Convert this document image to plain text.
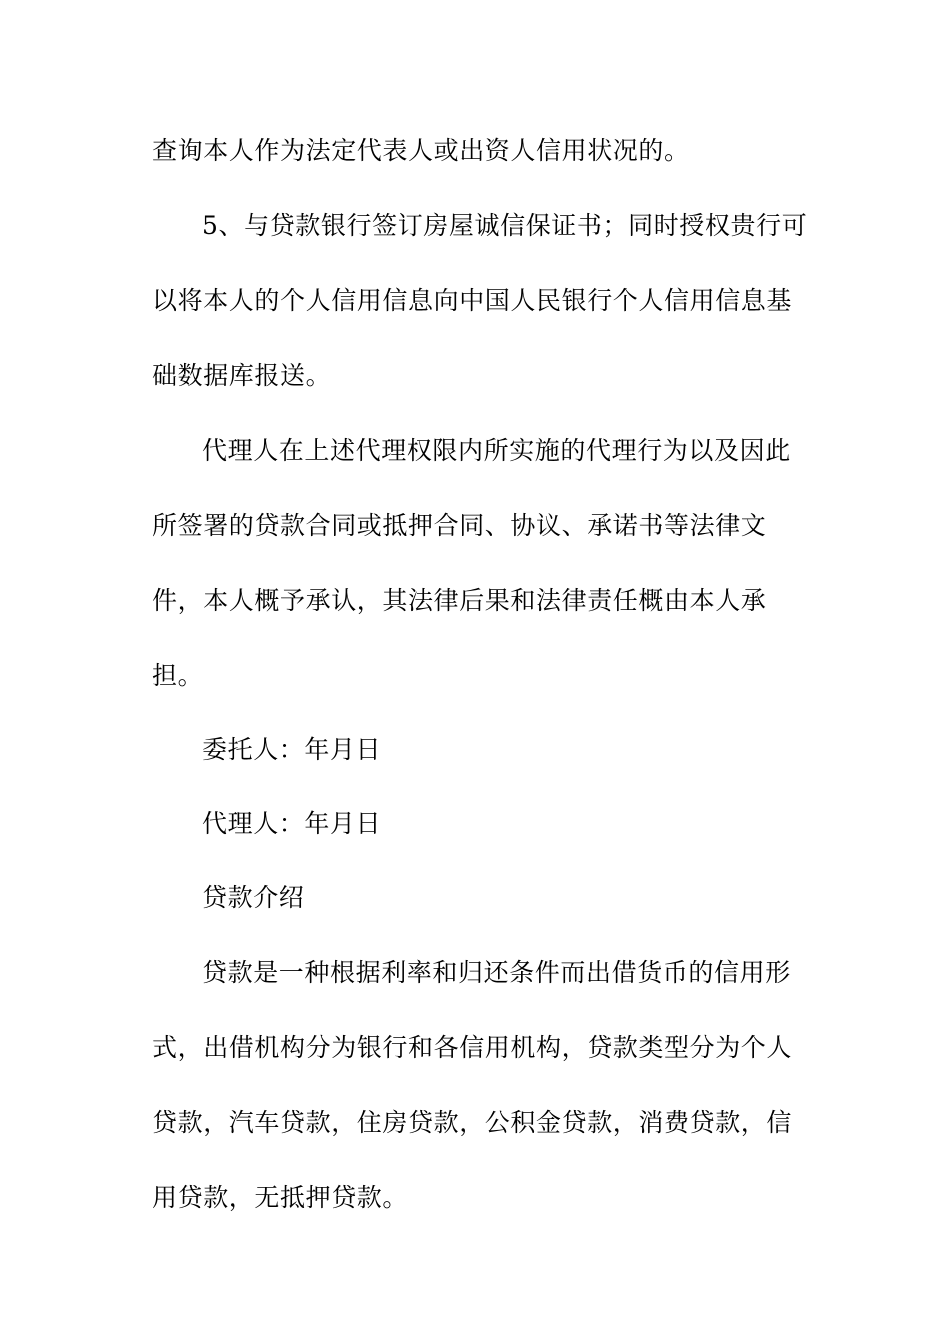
查询本人作为法定代表人或出资人信用状况的。
5、与贷款银行签订房屋诚信保证书；同时授权贵行可
以将本人的个人信用信息向中国人民银行个人信用信息基
础数据库报送。
代理人在上述代理权限内所实施的代理行为以及因此
所签署的贷款合同或抵押合同、协议、承诺书等法律文
件，本人概予承认，其法律后果和法律责任概由本人承
担。
委托人：年月日
代理人：年月日
贷款介绍
贷款是一种根据利率和归还条件而出借货币的信用形
式，出借机构分为银行和各信用机构，贷款类型分为个人
贷款，汽车贷款，住房贷款，公积金贷款，消费贷款，信
用贷款，无抵押贷款。
